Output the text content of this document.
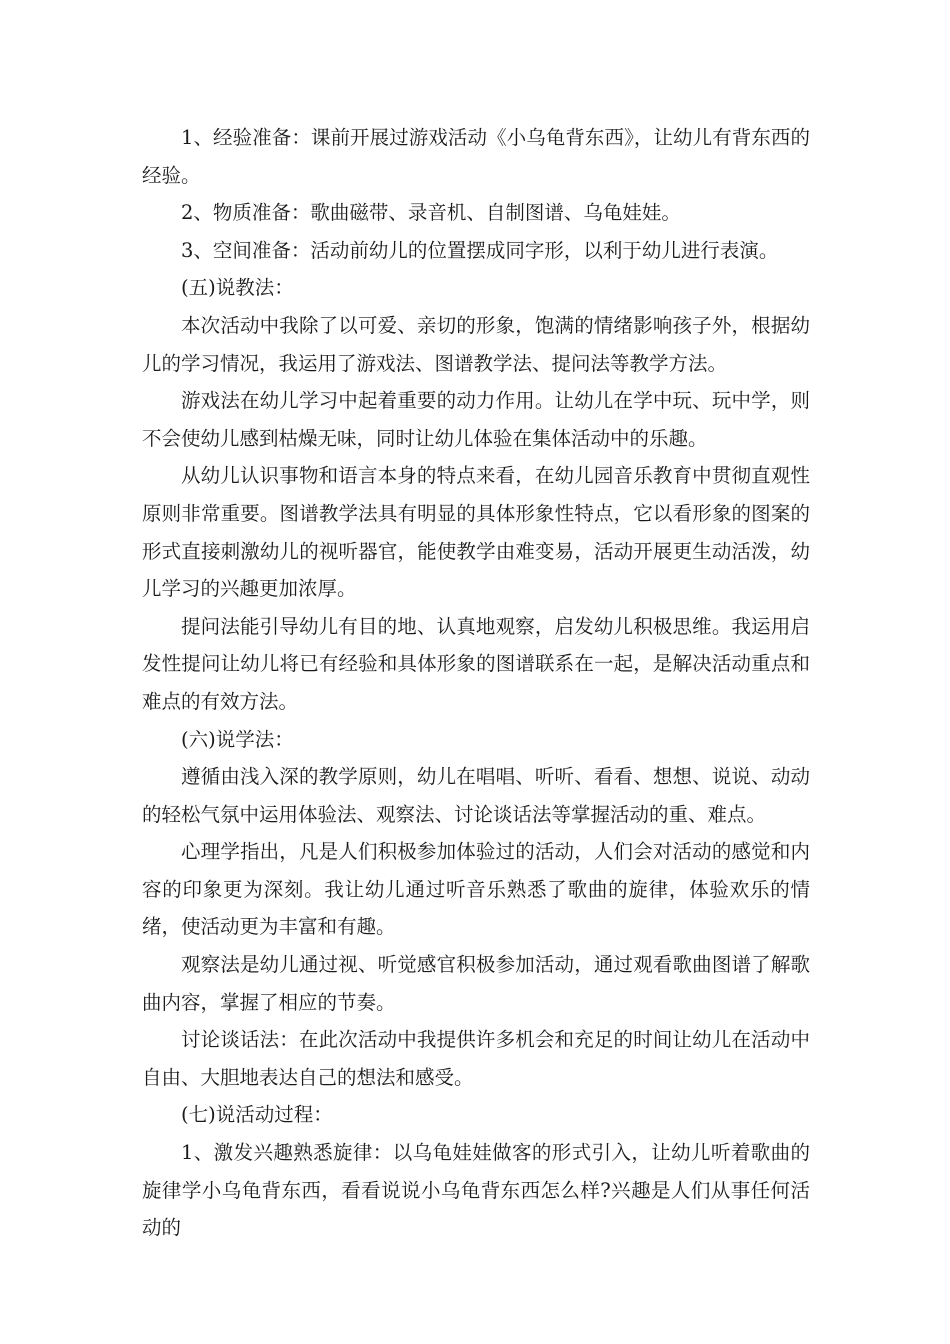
1、经验准备：课前开展过游戏活动《小乌龟背东西》，让幼儿有背东西的经验。

2、物质准备：歌曲磁带、录音机、自制图谱、乌龟娃娃。

3、空间准备：活动前幼儿的位置摆成同字形，以利于幼儿进行表演。

(五)说教法：

本次活动中我除了以可爱、亲切的形象，饱满的情绪影响孩子外，根据幼儿的学习情况，我运用了游戏法、图谱教学法、提问法等教学方法。

游戏法在幼儿学习中起着重要的动力作用。让幼儿在学中玩、玩中学，则不会使幼儿感到枯燥无味，同时让幼儿体验在集体活动中的乐趣。

从幼儿认识事物和语言本身的特点来看，在幼儿园音乐教育中贯彻直观性原则非常重要。图谱教学法具有明显的具体形象性特点，它以看形象的图案的形式直接刺激幼儿的视听器官，能使教学由难变易，活动开展更生动活泼，幼儿学习的兴趣更加浓厚。

提问法能引导幼儿有目的地、认真地观察，启发幼儿积极思维。我运用启发性提问让幼儿将已有经验和具体形象的图谱联系在一起，是解决活动重点和难点的有效方法。

(六)说学法：

遵循由浅入深的教学原则，幼儿在唱唱、听听、看看、想想、说说、动动的轻松气氛中运用体验法、观察法、讨论谈话法等掌握活动的重、难点。

心理学指出，凡是人们积极参加体验过的活动，人们会对活动的感觉和内容的印象更为深刻。我让幼儿通过听音乐熟悉了歌曲的旋律，体验欢乐的情绪，使活动更为丰富和有趣。

观察法是幼儿通过视、听觉感官积极参加活动，通过观看歌曲图谱了解歌曲内容，掌握了相应的节奏。

讨论谈话法：在此次活动中我提供许多机会和充足的时间让幼儿在活动中自由、大胆地表达自己的想法和感受。

(七)说活动过程：

1、激发兴趣熟悉旋律：以乌龟娃娃做客的形式引入，让幼儿听着歌曲的旋律学小乌龟背东西，看看说说小乌龟背东西怎么样?兴趣是人们从事任何活动的
